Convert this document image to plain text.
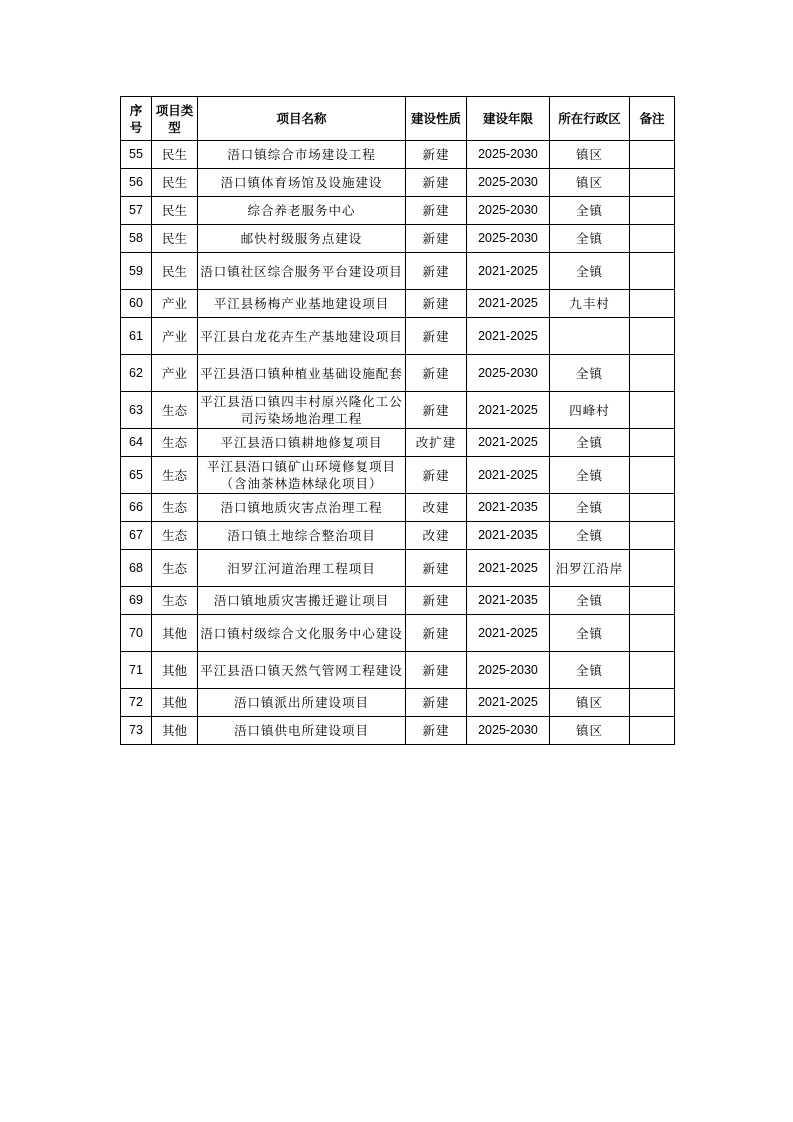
序号	项目类型	项目名称	建设性质	建设年限	所在行政区	备注
55	民生	浯口镇综合市场建设工程	新建	2025-2030	镇区	
56	民生	浯口镇体育场馆及设施建设	新建	2025-2030	镇区	
57	民生	综合养老服务中心	新建	2025-2030	全镇	
58	民生	邮快村级服务点建设	新建	2025-2030	全镇	
59	民生	浯口镇社区综合服务平台建设项目	新建	2021-2025	全镇	
60	产业	平江县杨梅产业基地建设项目	新建	2021-2025	九丰村	
61	产业	平江县白龙花卉生产基地建设项目	新建	2021-2025		
62	产业	平江县浯口镇种植业基础设施配套	新建	2025-2030	全镇	
63	生态	平江县浯口镇四丰村原兴隆化工公司污染场地治理工程	新建	2021-2025	四峰村	
64	生态	平江县浯口镇耕地修复项目	改扩建	2021-2025	全镇	
65	生态	平江县浯口镇矿山环境修复项目（含油茶林造林绿化项目）	新建	2021-2025	全镇	
66	生态	浯口镇地质灾害点治理工程	改建	2021-2035	全镇	
67	生态	浯口镇土地综合整治项目	改建	2021-2035	全镇	
68	生态	汨罗江河道治理工程项目	新建	2021-2025	汨罗江沿岸	
69	生态	浯口镇地质灾害搬迁避让项目	新建	2021-2035	全镇	
70	其他	浯口镇村级综合文化服务中心建设	新建	2021-2025	全镇	
71	其他	平江县浯口镇天然气管网工程建设	新建	2025-2030	全镇	
72	其他	浯口镇派出所建设项目	新建	2021-2025	镇区	
73	其他	浯口镇供电所建设项目	新建	2025-2030	镇区	
